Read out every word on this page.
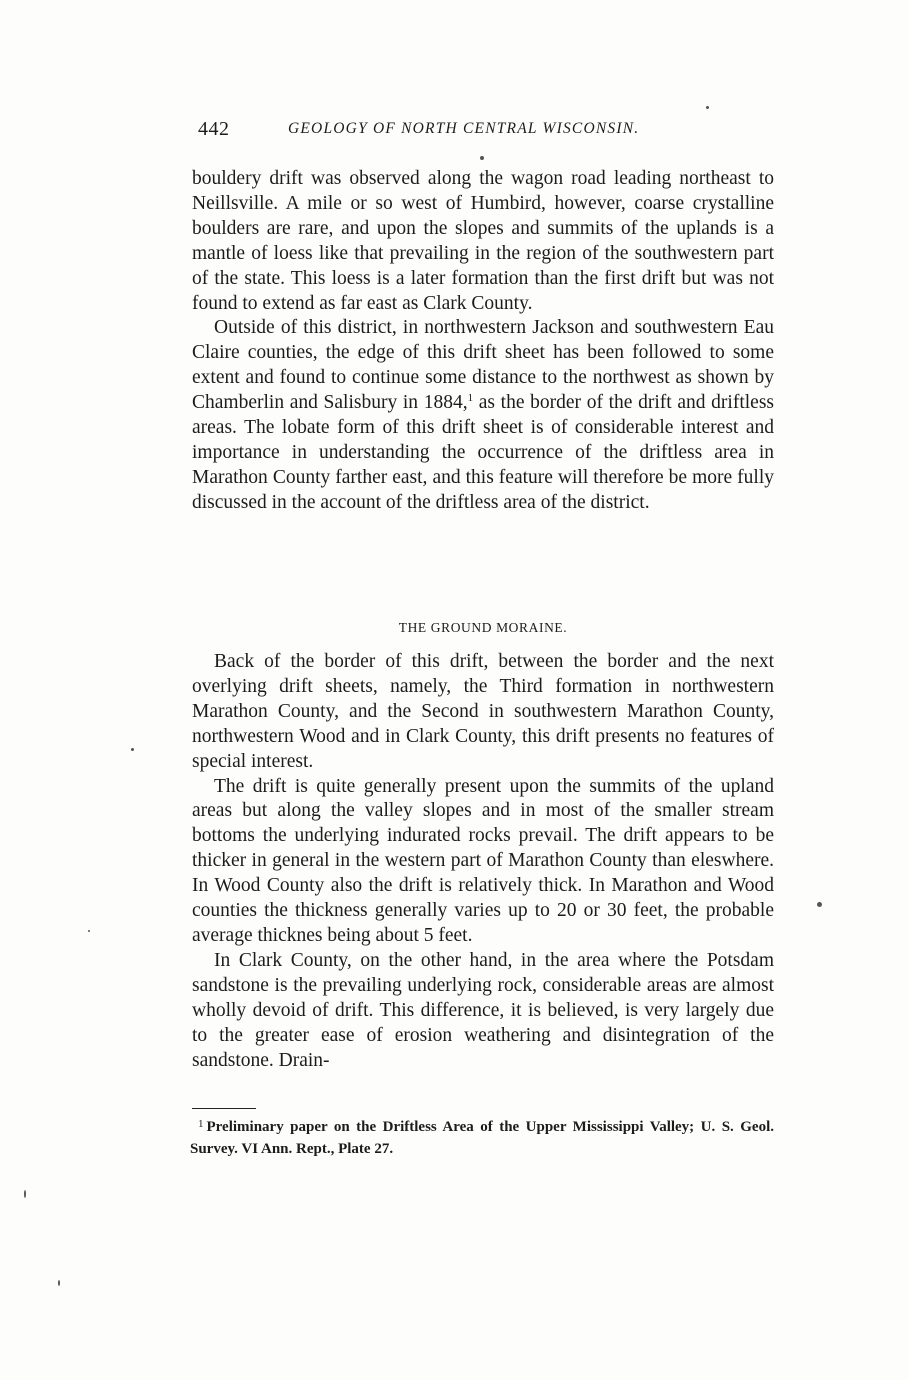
442	GEOLOGY OF NORTH CENTRAL WISCONSIN.

bouldery drift was observed along the wagon road leading northeast to Neillsville. A mile or so west of Humbird, however, coarse crystalline boulders are rare, and upon the slopes and summits of the uplands is a mantle of loess like that prevailing in the region of the southwestern part of the state. This loess is a later formation than the first drift but was not found to extend as far east as Clark County.

Outside of this district, in northwestern Jackson and southwestern Eau Claire counties, the edge of this drift sheet has been followed to some extent and found to continue some distance to the northwest as shown by Chamberlin and Salisbury in 1884,$^1$ as the border of the drift and driftless areas. The lobate form of this drift sheet is of considerable interest and importance in understanding the occurrence of the driftless area in Marathon County farther east, and this feature will therefore be more fully discussed in the account of the driftless area of the district.

THE GROUND MORAINE.

Back of the border of this drift, between the border and the next overlying drift sheets, namely, the Third formation in northwestern Marathon County, and the Second in southwestern Marathon County, northwestern Wood and in Clark County, this drift presents no features of special interest.

The drift is quite generally present upon the summits of the upland areas but along the valley slopes and in most of the smaller stream bottoms the underlying indurated rocks prevail. The drift appears to be thicker in general in the western part of Marathon County than eleswhere. In Wood County also the drift is relatively thick. In Marathon and Wood counties the thickness generally varies up to 20 or 30 feet, the probable average thicknes being about 5 feet.

In Clark County, on the other hand, in the area where the Potsdam sandstone is the prevailing underlying rock, considerable areas are almost wholly devoid of drift. This difference, it is believed, is very largely due to the greater ease of erosion weathering and disintegration of the sandstone. Drain-

$^1$ Preliminary paper on the Driftless Area of the Upper Mississippi Valley; U. S. Geol. Survey. VI Ann. Rept., Plate 27.
